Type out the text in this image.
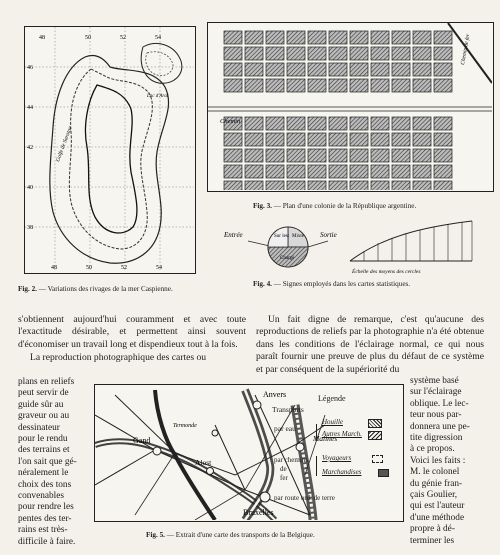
48	50	52	54
48	50	52	54
46
44
42
40
38
Golfe de Saratov
Lac d'Aral
Fig. 2. — Variations des rivages de la mer Caspienne.
Chemin
Chemin de fer
Fig. 3. — Plan d'une colonie de la République argentine.
Entrée	Sur lest Mixte
Chargé
Sortie
Échelle des moyens des cercles
Fig. 4. — Signes employés dans les cartes statistiques.

s'obtiennent aujourd'hui couramment et avec toute l'exactitude désirable, et permettent ainsi souvent d'économiser un travail long et dispendieux tout à la fois.

La reproduction photographique des cartes ou

plans en reliefs
peut servir de
guide sûr au
graveur ou au
dessinateur
pour le rendu
des terrains et
l'on sait que gé-
néralement le
choix des tons
convenables
pour rendre les
pentes des ter-
rains est très-
difficile à faire.

Un fait digne de remarque, c'est qu'aucune des reproductions de reliefs par la photographie n'a été obtenue dans les conditions de l'éclairage normal, ce qui nous paraît fournir une preuve de plus du défaut de ce système et par conséquent de la supériorité du

système basé
sur l'éclairage
oblique. Le lec-
teur nous par-
donnera une pe-
tite digression
à ce propos.
Voici les faits :
M. le colonel
du génie fran-
çais Goulier,
qui est l'auteur
d'une méthode
propre à dé-
terminer les
Anvers
Gand
Termonde
Malines
Alost
Bruxelles
Légende
Transports
par eau
Houille
Autres March.
par chemins
de
fer
Voyageurs
Marchandises
par route ord. de terre
Fig. 5. — Extrait d'une carte des transports de la Belgique.
